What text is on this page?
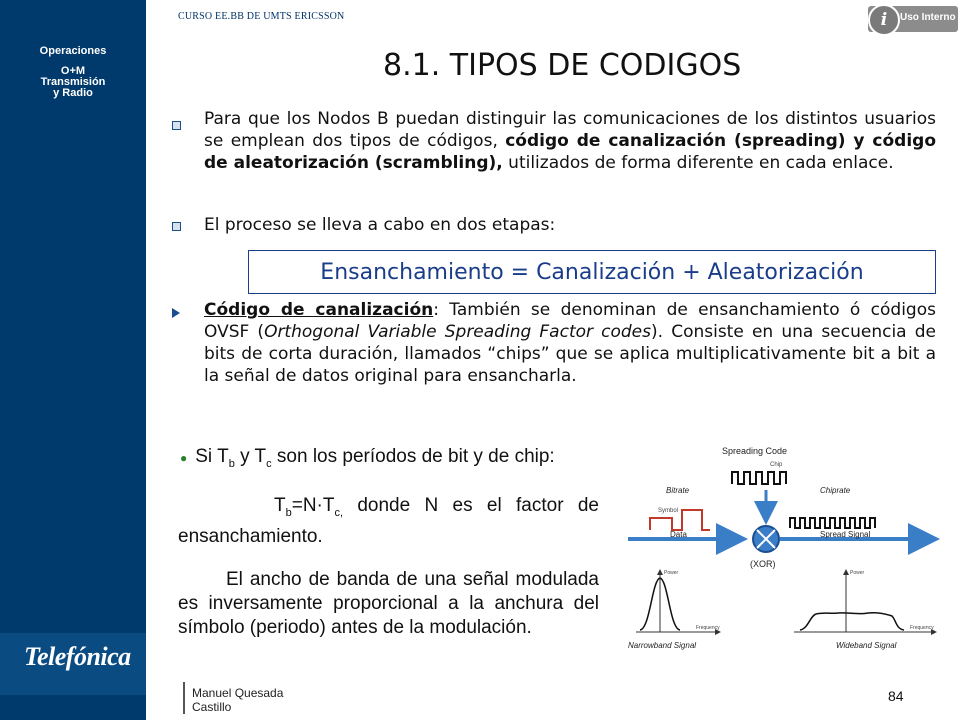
Operaciones
O+M
Transmisión
y Radio
Telefónica
CURSO EE.BB DE UMTS ERICSSON	i	Uso Interno
8.1. TIPOS DE CODIGOS
Para que los Nodos B puedan distinguir las comunicaciones de los distintos usuarios se emplean dos tipos de códigos, código de canalización (spreading) y código de aleatorización (scrambling), utilizados de forma diferente en cada enlace.
El proceso se lleva a cabo en dos etapas:
Ensanchamiento = Canalización + Aleatorización
Código de canalización: También se denominan de ensanchamiento ó códigos OVSF (Orthogonal Variable Spreading Factor codes). Consiste en una secuencia de bits de corta duración, llamados “chips” que se aplica multiplicativamente bit a bit a la señal de datos original para ensancharla.
● Si $T_b$ y $T_c$ son los períodos de bit y de chip:
$T_b=N\cdot T_{c,}$ donde N es el factor de ensanchamiento.
El ancho de banda de una señal modulada es inversamente proporcional a la anchura del símbolo (periodo) antes de la modulación.
Spreading Code
Chip
Bitrate
Symbol
Data
(XOR)
Spread Signal
Chiprate
Power
Frequency
Narrowband Signal
Power
Frequency
Wideband Signal
Manuel Quesada
Castillo
84
